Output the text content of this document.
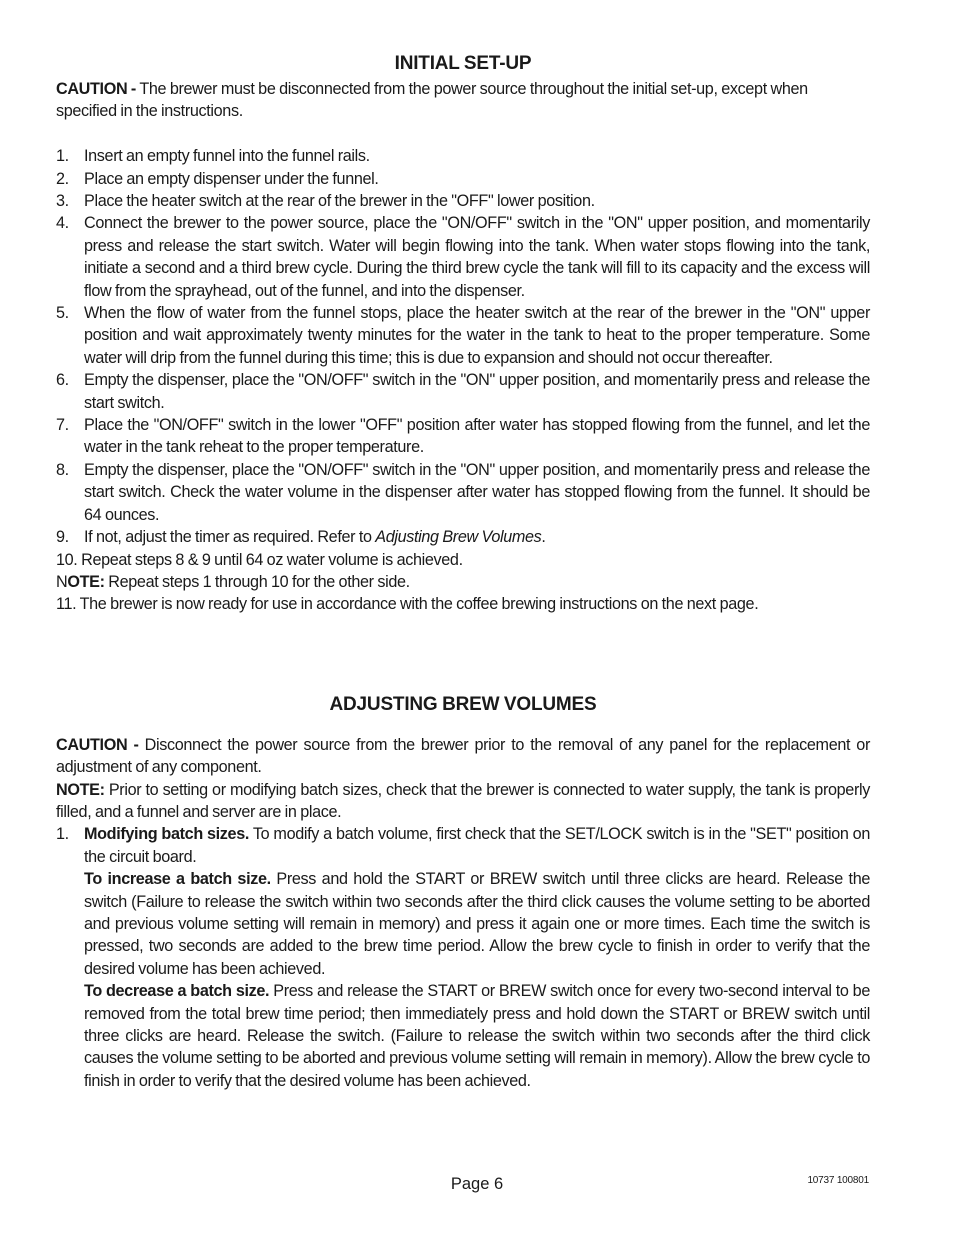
INITIAL SET-UP

CAUTION - The brewer must be disconnected from the power source throughout the initial set-up, except when specified in the instructions.

1. Insert an empty funnel into the funnel rails.
2. Place an empty dispenser under the funnel.
3. Place the heater switch at the rear of the brewer in the "OFF" lower position.
4. Connect the brewer to the power source, place the "ON/OFF" switch in the "ON" upper position, and momentarily press and release the start switch. Water will begin flowing into the tank. When water stops flowing into the tank, initiate a second and a third brew cycle. During the third brew cycle the tank will fill to its capacity and the excess will flow from the sprayhead, out of the funnel, and into the dispenser.
5. When the flow of water from the funnel stops, place the heater switch at the rear of the brewer in the "ON" upper position and wait approximately twenty minutes for the water in the tank to heat to the proper temperature. Some water will drip from the funnel during this time; this is due to expansion and should not occur thereafter.
6. Empty the dispenser, place the "ON/OFF" switch in the "ON" upper position, and momentarily press and release the start switch.
7. Place the "ON/OFF" switch in the lower "OFF" position after water has stopped flowing from the funnel, and let the water in the tank reheat to the proper temperature.
8. Empty the dispenser, place the "ON/OFF" switch in the "ON" upper position, and momentarily press and release the start switch. Check the water volume in the dispenser after water has stopped flowing from the funnel. It should be 64 ounces.
9. If not, adjust the timer as required. Refer to Adjusting Brew Volumes.
10. Repeat steps 8 & 9 until 64 oz water volume is achieved.
NOTE: Repeat steps 1 through 10 for the other side.
11. The brewer is now ready for use in accordance with the coffee brewing instructions on the next page.
ADJUSTING BREW VOLUMES

CAUTION - Disconnect the power source from the brewer prior to the removal of any panel for the replacement or adjustment of any component.

NOTE: Prior to setting or modifying batch sizes, check that the brewer is connected to water supply, the tank is properly filled, and a funnel and server are in place.

1. Modifying batch sizes. To modify a batch volume, first check that the SET/LOCK switch is in the "SET" position on the circuit board.

To increase a batch size. Press and hold the START or BREW switch until three clicks are heard. Release the switch (Failure to release the switch within two seconds after the third click causes the volume setting to be aborted and previous volume setting will remain in memory) and press it again one or more times. Each time the switch is pressed, two seconds are added to the brew time period. Allow the brew cycle to finish in order to verify that the desired volume has been achieved.

To decrease a batch size. Press and release the START or BREW switch once for every two-second interval to be removed from the total brew time period; then immediately press and hold down the START or BREW switch until three clicks are heard. Release the switch. (Failure to release the switch within two seconds after the third click causes the volume setting to be aborted and previous volume setting will remain in memory). Allow the brew cycle to finish in order to verify that the desired volume has been achieved.

Page 6	10737 100801
